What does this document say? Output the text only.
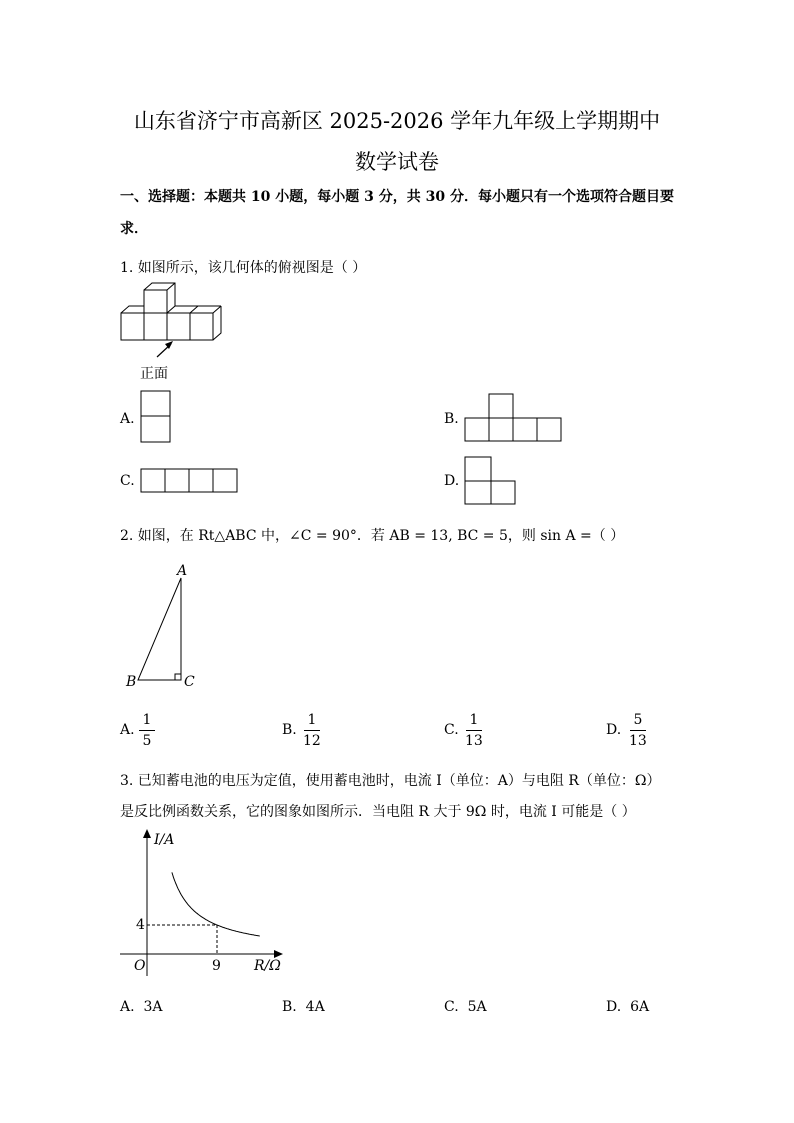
山东省济宁市高新区 2025-2026 学年九年级上学期期中
数学试卷
一、选择题：本题共 10 小题，每小题 3 分，共 30 分．每小题只有一个选项符合题目要
求．
1. 如图所示，该几何体的俯视图是（ ）
正面
A.	B.
C.	D.
2. 如图，在 Rt△ABC 中，∠C = 90°．若 AB = 13, BC = 5，则 sin A =（ ）
A
B	C
A.
1
5
B.
1
12
C.
1
13
D.
5
13
3. 已知蓄电池的电压为定值，使用蓄电池时，电流 I（单位：A）与电阻 R（单位：Ω）
是反比例函数关系，它的图象如图所示．当电阻 R 大于 9Ω 时，电流 I 可能是（ ）
I/A
R/Ω
O
4
9
A. 3A	B. 4A	C. 5A	D. 6A
